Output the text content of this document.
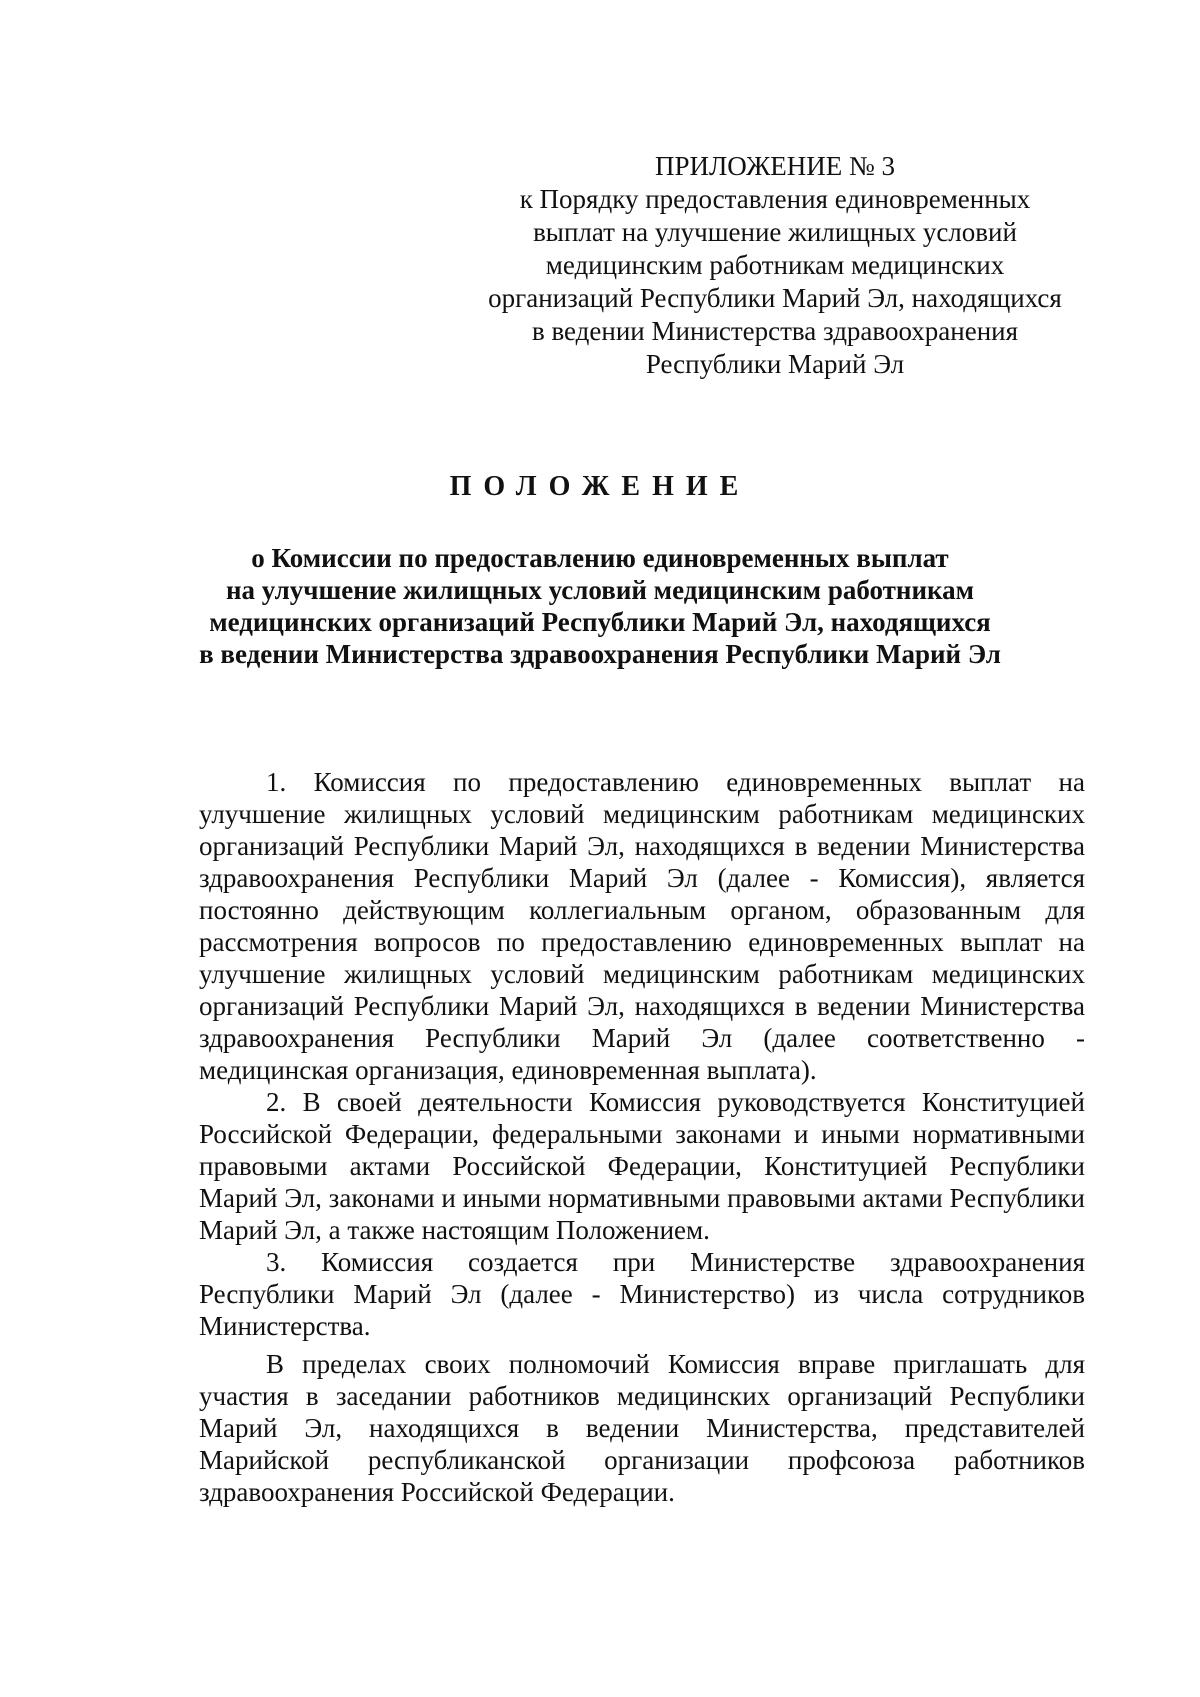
ПРИЛОЖЕНИЕ № 3
к Порядку предоставления единовременных
выплат на улучшение жилищных условий
медицинским работникам медицинских
организаций Республики Марий Эл, находящихся
в ведении Министерства здравоохранения
Республики Марий Эл
ПОЛОЖЕНИЕ
о Комиссии по предоставлению единовременных выплат
на улучшение жилищных условий медицинским работникам
медицинских организаций Республики Марий Эл, находящихся
в ведении Министерства здравоохранения Республики Марий Эл

1. Комиссия по предоставлению единовременных выплат на улучшение жилищных условий медицинским работникам медицинских организаций Республики Марий Эл, находящихся в ведении Министерства здравоохранения Республики Марий Эл (далее - Комиссия), является постоянно действующим коллегиальным органом, образованным для рассмотрения вопросов по предоставлению единовременных выплат на улучшение жилищных условий медицинским работникам медицинских организаций Республики Марий Эл, находящихся в ведении Министерства здравоохранения Республики Марий Эл (далее соответственно - медицинская организация, единовременная выплата).

2. В своей деятельности Комиссия руководствуется Конституцией Российской Федерации, федеральными законами и иными нормативными правовыми актами Российской Федерации, Конституцией Республики Марий Эл, законами и иными нормативными правовыми актами Республики Марий Эл, а также настоящим Положением.

3. Комиссия создается при Министерстве здравоохранения Республики Марий Эл (далее - Министерство) из числа сотрудников Министерства.

В пределах своих полномочий Комиссия вправе приглашать для участия в заседании работников медицинских организаций Республики Марий Эл, находящихся в ведении Министерства, представителей Марийской республиканской организации профсоюза работников здравоохранения Российской Федерации.
